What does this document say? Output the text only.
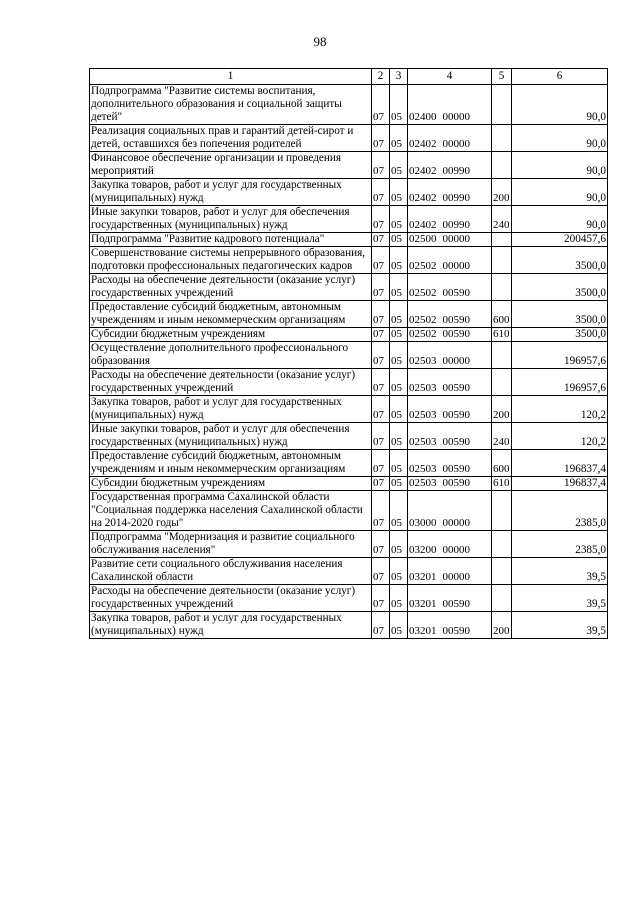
98
1	2	3	4	5	6
Подпрограмма "Развитие системы воспитания, дополнительного образования и социальной защиты детей"	07	05	02400 00000		90,0
Реализация социальных прав и гарантий детей-сирот и детей, оставшихся без попечения родителей	07	05	02402 00000		90,0
Финансовое обеспечение организации и проведения мероприятий	07	05	02402 00990		90,0
Закупка товаров, работ и услуг для государственных (муниципальных) нужд	07	05	02402 00990	200	90,0
Иные закупки товаров, работ и услуг для обеспечения государственных (муниципальных) нужд	07	05	02402 00990	240	90,0
Подпрограмма "Развитие кадрового потенциала"	07	05	02500 00000		200457,6
Совершенствование системы непрерывного образования, подготовки профессиональных педагогических кадров	07	05	02502 00000		3500,0
Расходы на обеспечение деятельности (оказание услуг) государственных учреждений	07	05	02502 00590		3500,0
Предоставление субсидий бюджетным, автономным учреждениям и иным некоммерческим организациям	07	05	02502 00590	600	3500,0
Субсидии бюджетным учреждениям	07	05	02502 00590	610	3500,0
Осуществление дополнительного профессионального образования	07	05	02503 00000		196957,6
Расходы на обеспечение деятельности (оказание услуг) государственных учреждений	07	05	02503 00590		196957,6
Закупка товаров, работ и услуг для государственных (муниципальных) нужд	07	05	02503 00590	200	120,2
Иные закупки товаров, работ и услуг для обеспечения государственных (муниципальных) нужд	07	05	02503 00590	240	120,2
Предоставление субсидий бюджетным, автономным учреждениям и иным некоммерческим организациям	07	05	02503 00590	600	196837,4
Субсидии бюджетным учреждениям	07	05	02503 00590	610	196837,4
Государственная программа Сахалинской области "Социальная поддержка населения Сахалинской области на 2014-2020 годы"	07	05	03000 00000		2385,0
Подпрограмма "Модернизация и развитие социального обслуживания населения"	07	05	03200 00000		2385,0
Развитие сети социального обслуживания населения Сахалинской области	07	05	03201 00000		39,5
Расходы на обеспечение деятельности (оказание услуг) государственных учреждений	07	05	03201 00590		39,5
Закупка товаров, работ и услуг для государственных (муниципальных) нужд	07	05	03201 00590	200	39,5
